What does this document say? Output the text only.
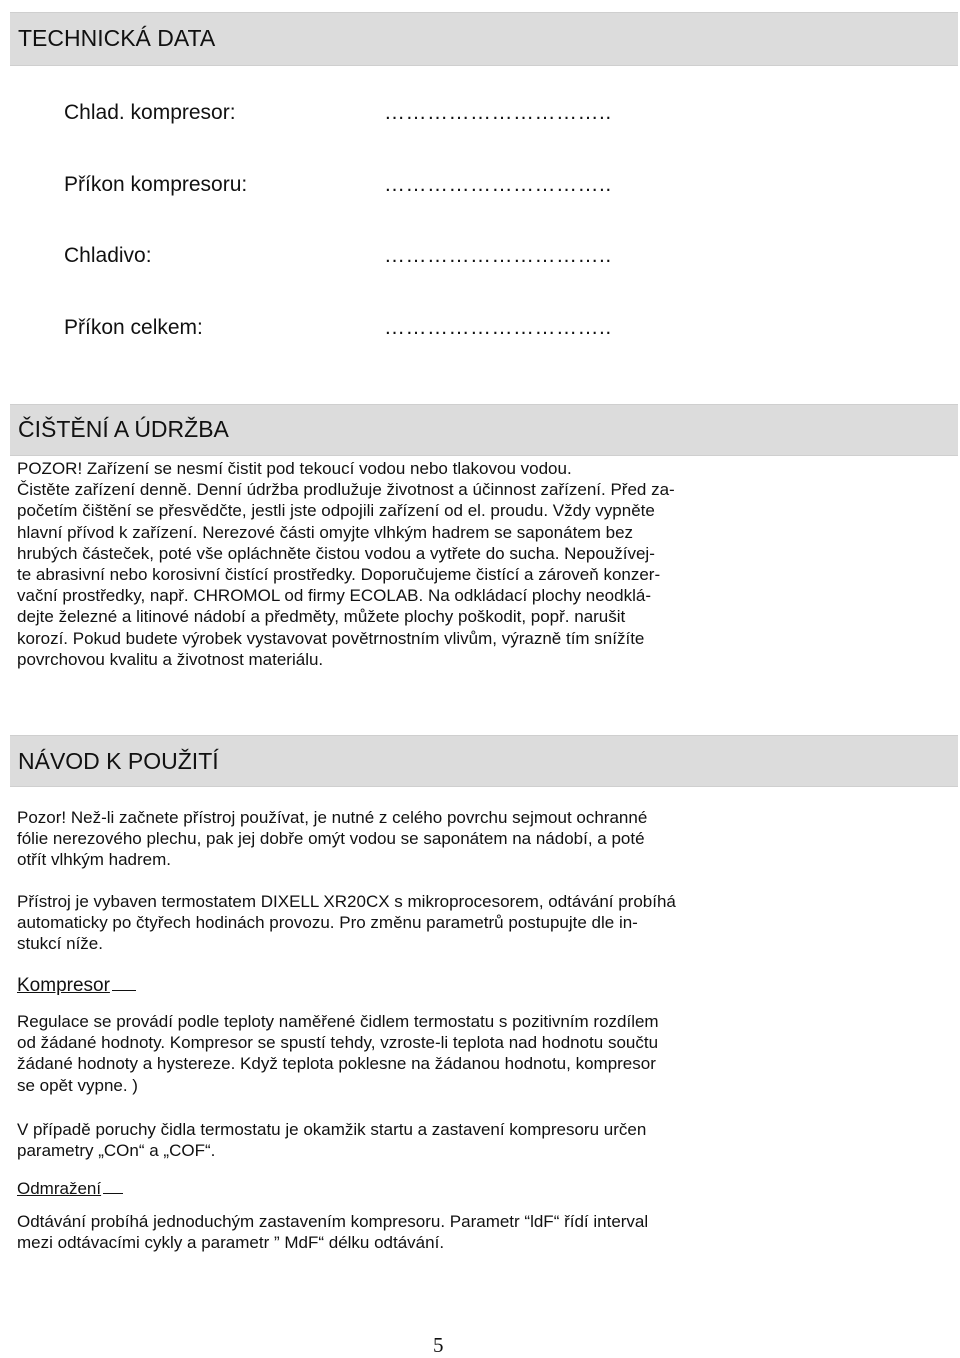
TECHNICKÁ DATA
Chlad. kompresor:	…………………………..
Příkon kompresoru:	…………………………..
Chladivo:	…………………………..
Příkon celkem:	…………………………..
ČIŠTĚNÍ A ÚDRŽBA

POZOR! Zařízení se nesmí čistit pod tekoucí vodou nebo tlakovou vodou.
Čistěte zařízení denně. Denní údržba prodlužuje životnost a účinnost zařízení. Před za-
početím čištění se přesvědčte, jestli jste odpojili zařízení od el. proudu. Vždy vypněte
hlavní přívod k zařízení. Nerezové části omyjte vlhkým hadrem se saponátem bez
hrubých částeček, poté vše opláchněte čistou vodou a vytřete do sucha. Nepoužívej-
te abrasivní nebo korosivní čistící prostředky. Doporučujeme čistící a zároveň konzer-
vační prostředky, např. CHROMOL od firmy ECOLAB. Na odkládací plochy neodklá-
dejte železné a litinové nádobí a předměty, můžete plochy poškodit, popř. narušit
korozí. Pokud budete výrobek vystavovat povětrnostním vlivům, výrazně tím snížíte
povrchovou kvalitu a životnost materiálu.

NÁVOD K POUŽITÍ

Pozor! Než-li začnete přístroj používat, je nutné z celého povrchu sejmout ochranné
fólie nerezového plechu, pak jej dobře omýt vodou se saponátem na nádobí, a poté
otřít vlhkým hadrem.

Přístroj je vybaven termostatem DIXELL XR20CX s mikroprocesorem, odtávání probíhá
automaticky po čtyřech hodinách provozu. Pro změnu parametrů postupujte dle in-
stukcí níže.

Kompresor

Regulace se provádí podle teploty naměřené čidlem termostatu s pozitivním rozdílem
od žádané hodnoty. Kompresor se spustí tehdy, vzroste-li teplota nad hodnotu součtu
žádané hodnoty a hystereze. Když teplota poklesne na žádanou hodnotu, kompresor
se opět vypne. )

V případě poruchy čidla termostatu je okamžik startu a zastavení kompresoru určen
parametry „COn“ a „COF“.

Odmražení

Odtávání probíhá jednoduchým zastavením kompresoru. Parametr “ldF“ řídí interval
mezi odtávacími cykly a parametr ” MdF“ délku odtávání.

5
